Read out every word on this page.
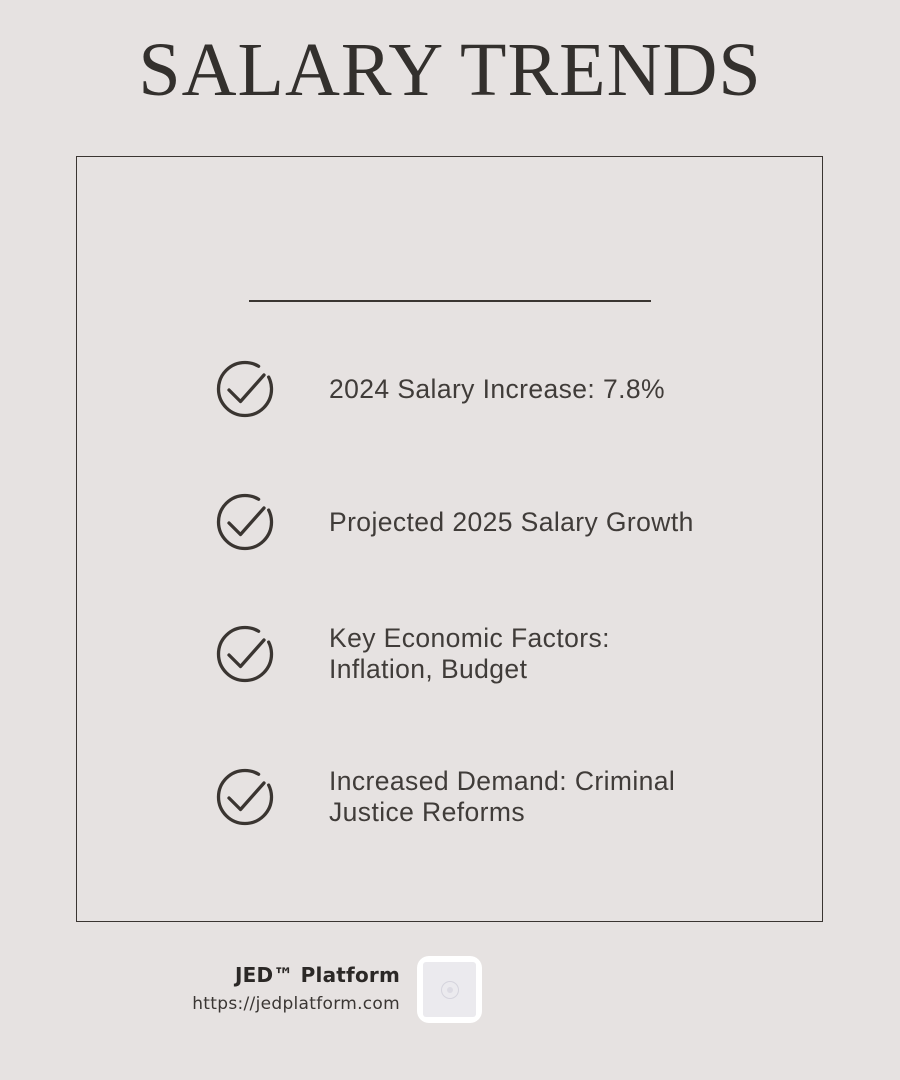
SALARY TRENDS
2024 Salary Increase: 7.8%
Projected 2025 Salary Growth
Key Economic Factors:
Inflation, Budget
Increased Demand: Criminal
Justice Reforms
JED™ Platform
https://jedplatform.com
